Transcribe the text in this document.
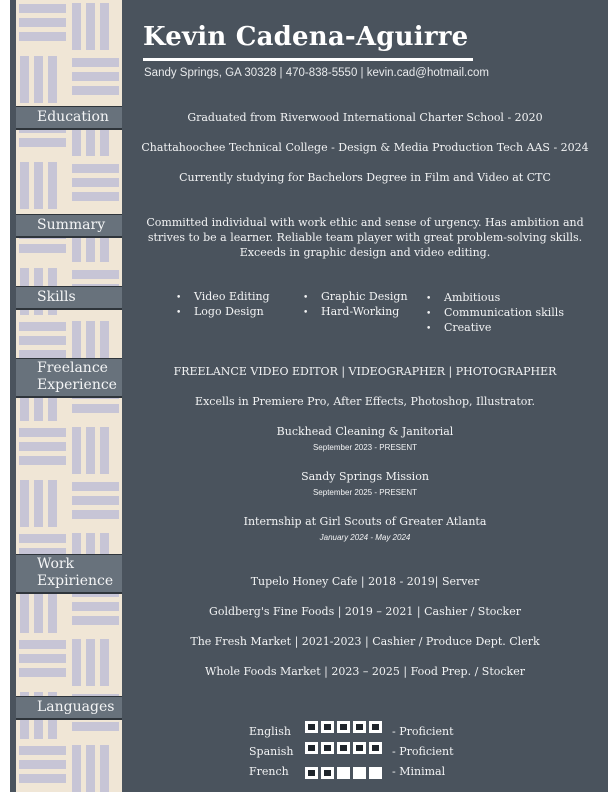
Kevin Cadena-Aguirre
Sandy Springs, GA 30328 | 470-838-5550 | kevin.cad@hotmail.com
Education
Summary
Skills
Freelance
Experience
Work
Expirience
Languages
Graduated from Riverwood International Charter School - 2020
Chattahoochee Technical College - Design & Media Production Tech AAS - 2024
Currently studying for Bachelors Degree in Film and Video at CTC
Committed individual with work ethic and sense of urgency. Has ambition and
strives to be a learner. Reliable team player with great problem-solving skills.
Exceeds in graphic design and video editing.
• Video Editing
• Logo Design
• Graphic Design
• Hard-Working
• Ambitious
• Communication skills
• Creative
FREELANCE VIDEO EDITOR | VIDEOGRAPHER | PHOTOGRAPHER
Excells in Premiere Pro, After Effects, Photoshop, Illustrator.
Buckhead Cleaning & Janitorial
September 2023 - PRESENT
Sandy Springs Mission
September 2025 - PRESENT
Internship at Girl Scouts of Greater Atlanta
January 2024 - May 2024
Tupelo Honey Cafe | 2018 - 2019| Server
Goldberg's Fine Foods | 2019 – 2021 | Cashier / Stocker
The Fresh Market | 2021-2023 | Cashier / Produce Dept. Clerk
Whole Foods Market | 2023 – 2025 | Food Prep. / Stocker
English	- Proficient
Spanish	- Proficient
French	- Minimal
